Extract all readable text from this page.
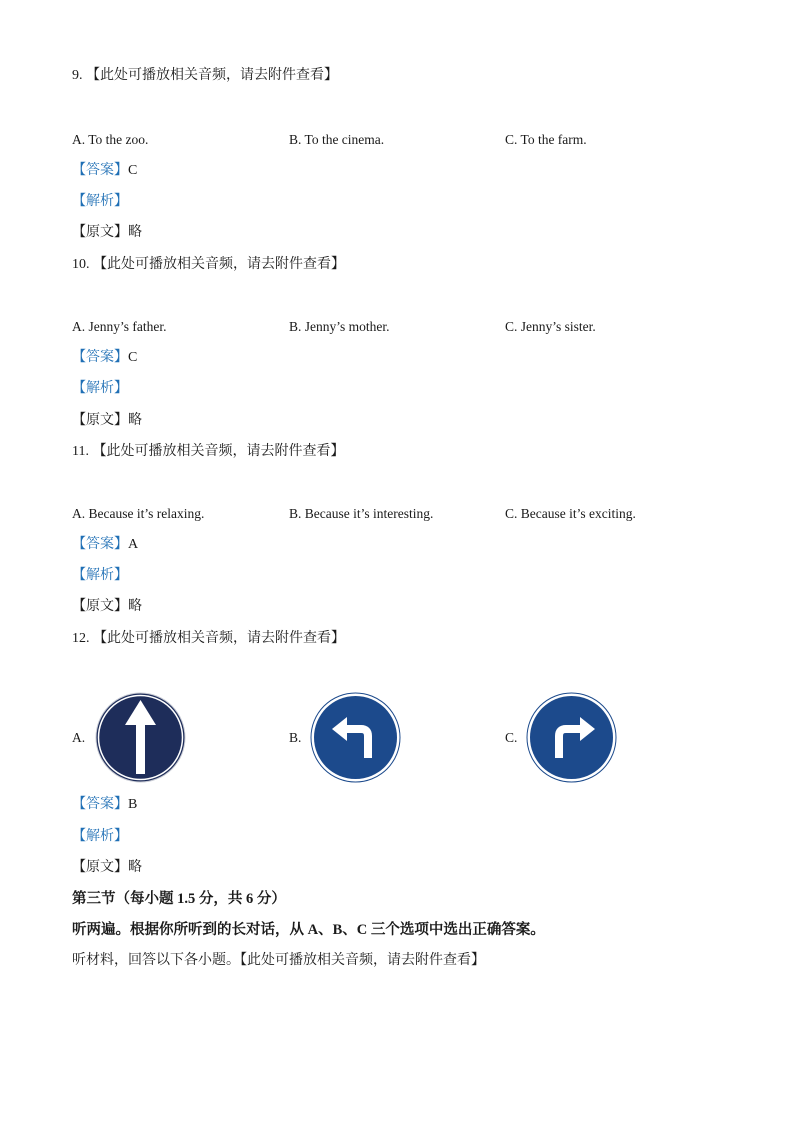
9. 【此处可播放相关音频，请去附件查看】
A. To the zoo.	B. To the cinema.	C. To the farm.
【答案】C
【解析】
【原文】略
10. 【此处可播放相关音频，请去附件查看】
A. Jenny’s father.	B. Jenny’s mother.	C. Jenny’s sister.
【答案】C
【解析】
【原文】略
11. 【此处可播放相关音频，请去附件查看】
A. Because it’s relaxing.	B. Because it’s interesting.	C. Because it’s exciting.
【答案】A
【解析】
【原文】略
12. 【此处可播放相关音频，请去附件查看】
A.	B.	C.
【答案】B
【解析】
【原文】略
第三节（每小题 1.5 分，共 6 分）
听两遍。根据你所听到的长对话，从 A、B、C 三个选项中选出正确答案。
听材料，回答以下各小题。【此处可播放相关音频，请去附件查看】
